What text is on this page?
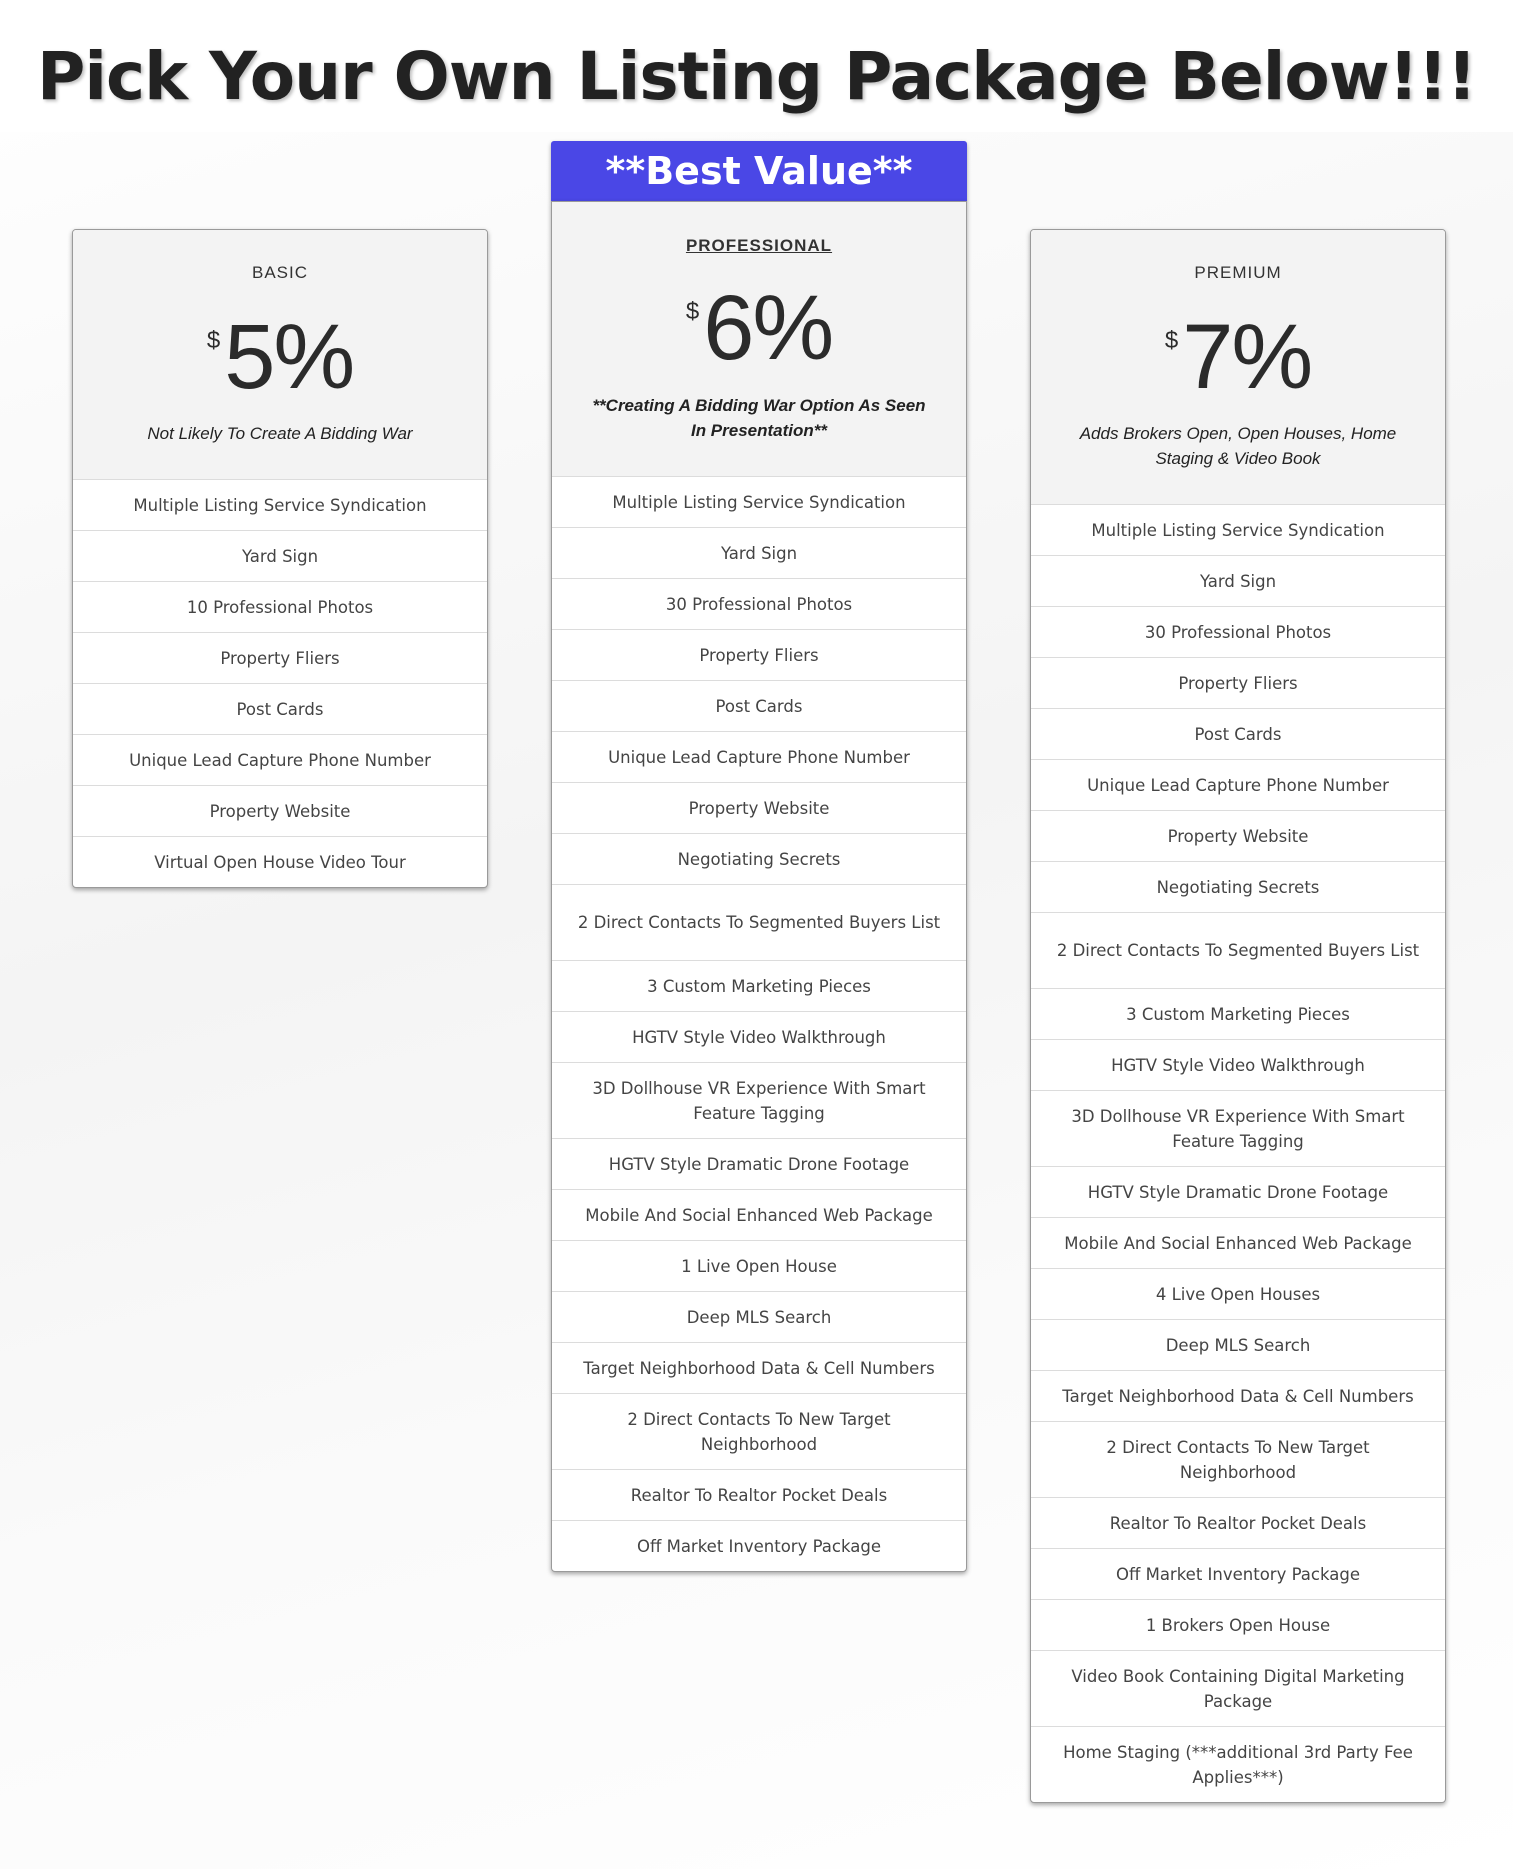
Pick Your Own Listing Package Below!!!
BASIC
$5%
Not Likely To Create A Bidding War
Multiple Listing Service Syndication
Yard Sign
10 Professional Photos
Property Fliers
Post Cards
Unique Lead Capture Phone Number
Property Website
Virtual Open House Video Tour
**Best Value**
PROFESSIONAL
$6%
**Creating A Bidding War Option As Seen In Presentation**
Multiple Listing Service Syndication
Yard Sign
30 Professional Photos
Property Fliers
Post Cards
Unique Lead Capture Phone Number
Property Website
Negotiating Secrets
2 Direct Contacts To Segmented Buyers List
3 Custom Marketing Pieces
HGTV Style Video Walkthrough
3D Dollhouse VR Experience With Smart Feature Tagging
HGTV Style Dramatic Drone Footage
Mobile And Social Enhanced Web Package
1 Live Open House
Deep MLS Search
Target Neighborhood Data & Cell Numbers
2 Direct Contacts To New Target Neighborhood
Realtor To Realtor Pocket Deals
Off Market Inventory Package
PREMIUM
$7%
Adds Brokers Open, Open Houses, Home Staging & Video Book
Multiple Listing Service Syndication
Yard Sign
30 Professional Photos
Property Fliers
Post Cards
Unique Lead Capture Phone Number
Property Website
Negotiating Secrets
2 Direct Contacts To Segmented Buyers List
3 Custom Marketing Pieces
HGTV Style Video Walkthrough
3D Dollhouse VR Experience With Smart Feature Tagging
HGTV Style Dramatic Drone Footage
Mobile And Social Enhanced Web Package
4 Live Open Houses
Deep MLS Search
Target Neighborhood Data & Cell Numbers
2 Direct Contacts To New Target Neighborhood
Realtor To Realtor Pocket Deals
Off Market Inventory Package
1 Brokers Open House
Video Book Containing Digital Marketing Package
Home Staging (***additional 3rd Party Fee Applies***)
